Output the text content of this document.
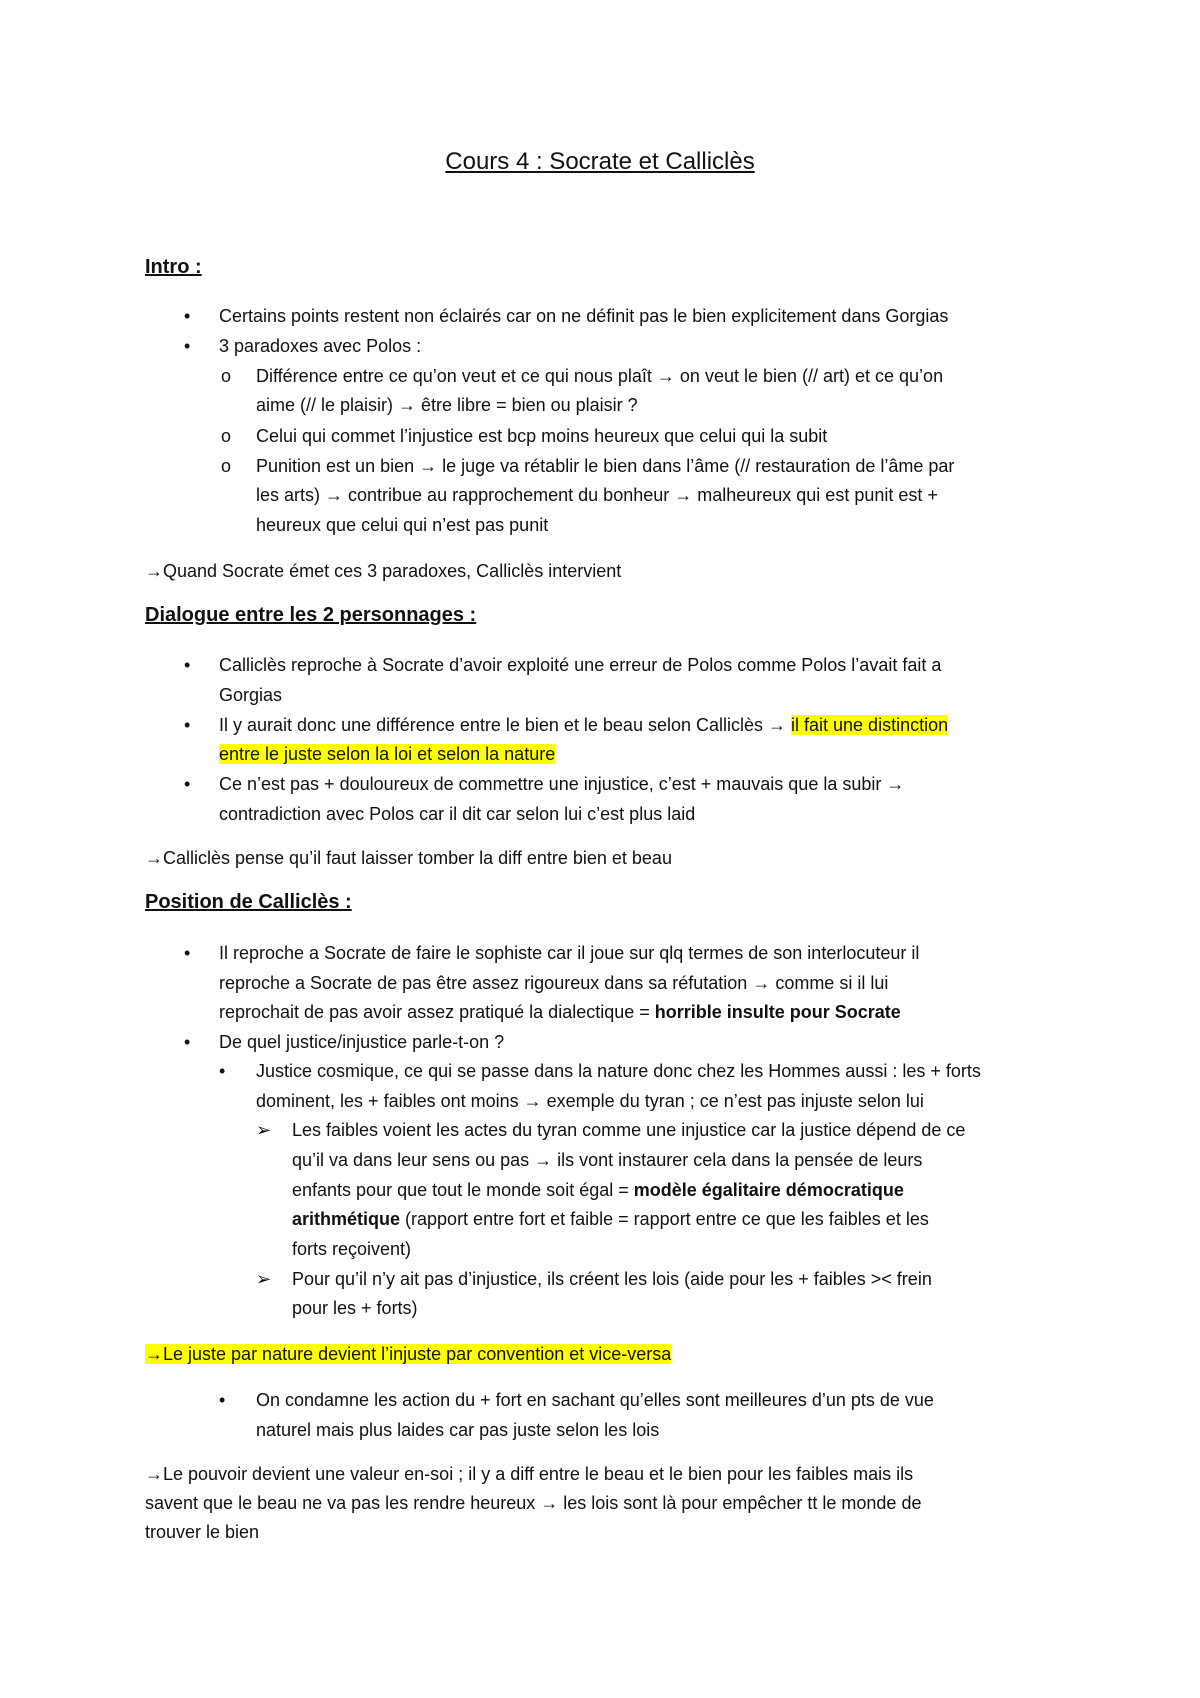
Cours 4 : Socrate et Calliclès
Intro :
• Certains points restent non éclairés car on ne définit pas le bien explicitement dans Gorgias
• 3 paradoxes avec Polos :
o Différence entre ce qu’on veut et ce qui nous plaît → on veut le bien (// art) et ce qu’on
aime (// le plaisir) → être libre = bien ou plaisir ?
o Celui qui commet l’injustice est bcp moins heureux que celui qui la subit
o Punition est un bien → le juge va rétablir le bien dans l’âme (// restauration de l’âme par
les arts) → contribue au rapprochement du bonheur → malheureux qui est punit est +
heureux que celui qui n’est pas punit
→Quand Socrate émet ces 3 paradoxes, Calliclès intervient
Dialogue entre les 2 personnages :
• Calliclès reproche à Socrate d’avoir exploité une erreur de Polos comme Polos l’avait fait a
Gorgias
• Il y aurait donc une différence entre le bien et le beau selon Calliclès → il fait une distinction
entre le juste selon la loi et selon la nature
• Ce n’est pas + douloureux de commettre une injustice, c’est + mauvais que la subir →
contradiction avec Polos car il dit car selon lui c’est plus laid
→Calliclès pense qu’il faut laisser tomber la diff entre bien et beau
Position de Calliclès :
• Il reproche a Socrate de faire le sophiste car il joue sur qlq termes de son interlocuteur il
reproche a Socrate de pas être assez rigoureux dans sa réfutation → comme si il lui
reprochait de pas avoir assez pratiqué la dialectique = horrible insulte pour Socrate
• De quel justice/injustice parle-t-on ?
• Justice cosmique, ce qui se passe dans la nature donc chez les Hommes aussi : les + forts
dominent, les + faibles ont moins → exemple du tyran ; ce n’est pas injuste selon lui
➢ Les faibles voient les actes du tyran comme une injustice car la justice dépend de ce
qu’il va dans leur sens ou pas → ils vont instaurer cela dans la pensée de leurs
enfants pour que tout le monde soit égal = modèle égalitaire démocratique
arithmétique (rapport entre fort et faible = rapport entre ce que les faibles et les
forts reçoivent)
➢ Pour qu’il n’y ait pas d’injustice, ils créent les lois (aide pour les + faibles >< frein
pour les + forts)
→Le juste par nature devient l’injuste par convention et vice-versa
• On condamne les action du + fort en sachant qu’elles sont meilleures d’un pts de vue
naturel mais plus laides car pas juste selon les lois
→Le pouvoir devient une valeur en-soi ; il y a diff entre le beau et le bien pour les faibles mais ils
savent que le beau ne va pas les rendre heureux → les lois sont là pour empêcher tt le monde de
trouver le bien
